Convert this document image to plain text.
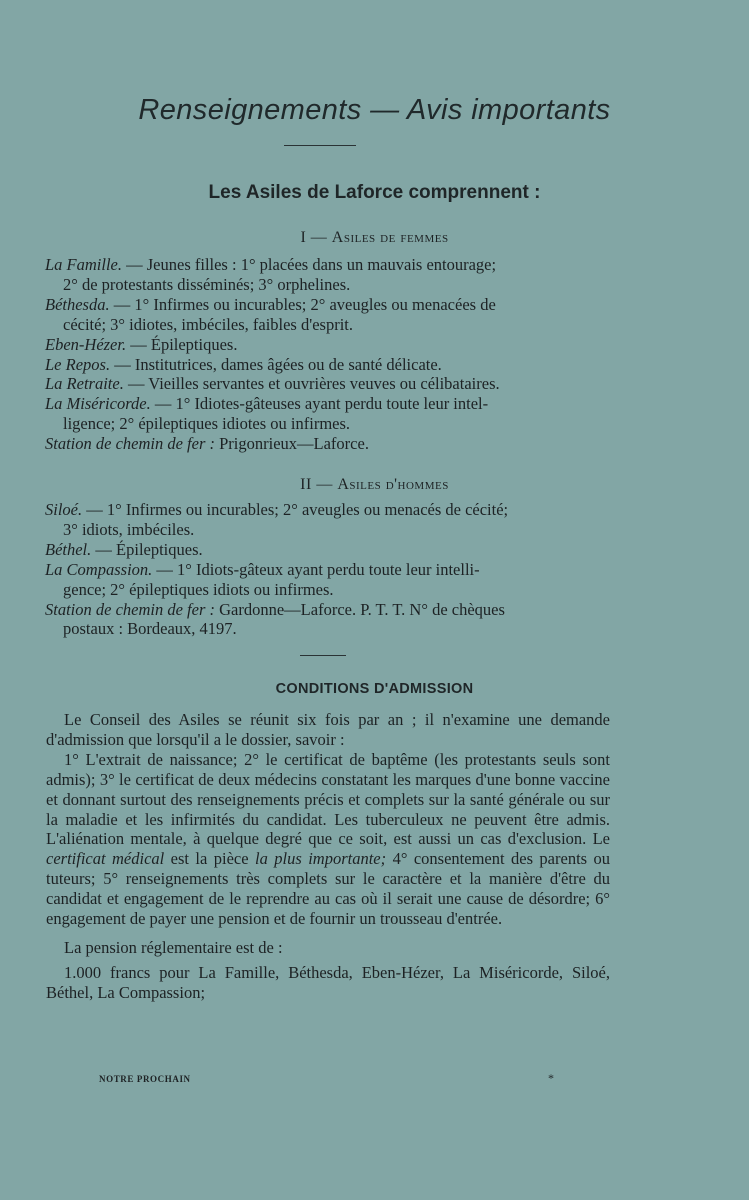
Renseignements — Avis importants
Les Asiles de Laforce comprennent :
I — Asiles de femmes

La Famille. — Jeunes filles : 1° placées dans un mauvais entourage;
2° de protestants disséminés; 3° orphelines.

Béthesda. — 1° Infirmes ou incurables; 2° aveugles ou menacées de
cécité; 3° idiotes, imbéciles, faibles d'esprit.

Eben-Hézer. — Épileptiques.

Le Repos. — Institutrices, dames âgées ou de santé délicate.

La Retraite. — Vieilles servantes et ouvrières veuves ou célibataires.

La Miséricorde. — 1° Idiotes-gâteuses ayant perdu toute leur intel-
ligence; 2° épileptiques idiotes ou infirmes.

Station de chemin de fer : Prigonrieux—Laforce.

II — Asiles d'hommes

Siloé. — 1° Infirmes ou incurables; 2° aveugles ou menacés de cécité;
3° idiots, imbéciles.

Béthel. — Épileptiques.

La Compassion. — 1° Idiots-gâteux ayant perdu toute leur intelli-
gence; 2° épileptiques idiots ou infirmes.

Station de chemin de fer : Gardonne—Laforce. P. T. T. N° de chèques
postaux : Bordeaux, 4197.

CONDITIONS D'ADMISSION

Le Conseil des Asiles se réunit six fois par an ; il n'examine une demande d'admission que lorsqu'il a le dossier, savoir :

1° L'extrait de naissance; 2° le certificat de baptême (les protestants seuls sont admis); 3° le certificat de deux médecins constatant les marques d'une bonne vaccine et donnant surtout des renseignements précis et complets sur la santé générale ou sur la maladie et les infirmités du candidat. Les tuberculeux ne peuvent être admis. L'aliénation mentale, à quelque degré que ce soit, est aussi un cas d'exclusion. Le certificat médical est la pièce la plus importante; 4° consentement des parents ou tuteurs; 5° renseignements très complets sur le caractère et la manière d'être du candidat et engagement de le reprendre au cas où il serait une cause de désordre; 6° engagement de payer une pension et de fournir un trousseau d'entrée.

La pension réglementaire est de :

1.000 francs pour La Famille, Béthesda, Eben-Hézer, La Miséricorde, Siloé, Béthel, La Compassion;

NOTRE PROCHAIN	*
